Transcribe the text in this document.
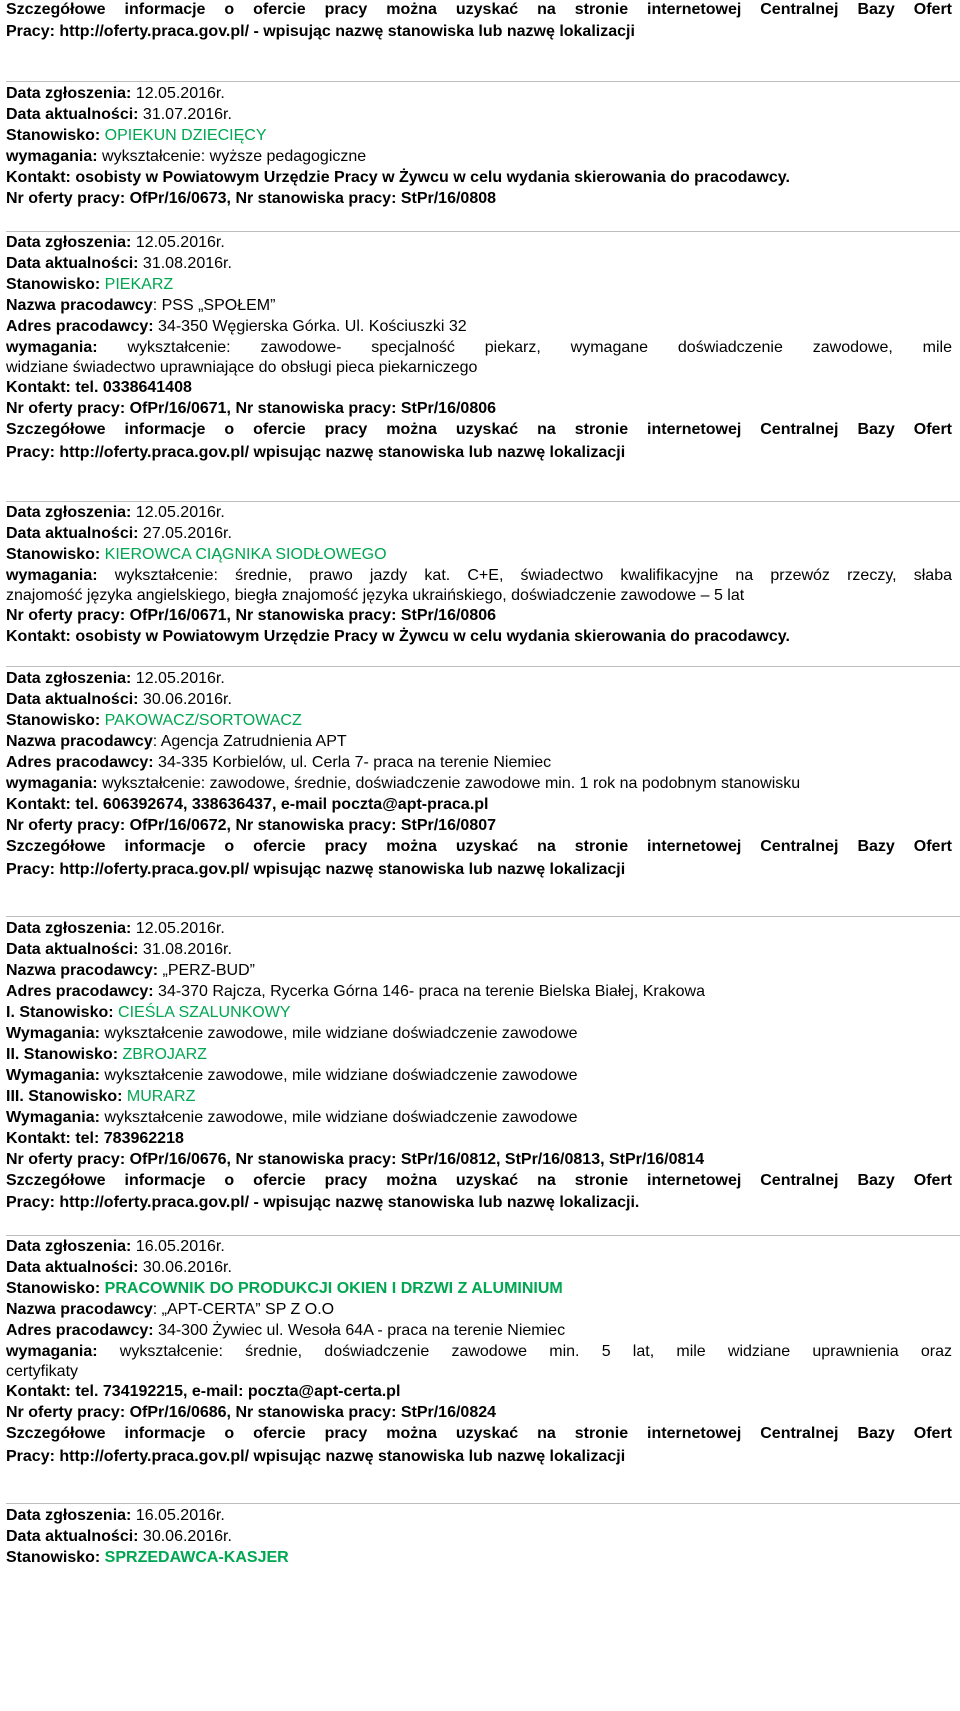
Szczegółowe informacje o ofercie pracy można uzyskać na stronie internetowej Centralnej Bazy Ofert
Pracy: http://oferty.praca.gov.pl/ - wpisując nazwę stanowiska lub nazwę lokalizacji
Data zgłoszenia: 12.05.2016r.
Data aktualności: 31.07.2016r.
Stanowisko: OPIEKUN DZIECIĘCY
wymagania: wykształcenie: wyższe pedagogiczne
Kontakt: osobisty w Powiatowym Urzędzie Pracy w Żywcu w celu wydania skierowania do pracodawcy.
Nr oferty pracy: OfPr/16/0673, Nr stanowiska pracy: StPr/16/0808
Data zgłoszenia: 12.05.2016r.
Data aktualności: 31.08.2016r.
Stanowisko: PIEKARZ
Nazwa pracodawcy: PSS „SPOŁEM”
Adres pracodawcy: 34-350 Węgierska Górka. Ul. Kościuszki 32
wymagania: wykształcenie: zawodowe- specjalność piekarz, wymagane doświadczenie zawodowe, mile
widziane świadectwo uprawniające do obsługi pieca piekarniczego
Kontakt: tel. 0338641408
Nr oferty pracy: OfPr/16/0671, Nr stanowiska pracy: StPr/16/0806
Szczegółowe informacje o ofercie pracy można uzyskać na stronie internetowej Centralnej Bazy Ofert
Pracy: http://oferty.praca.gov.pl/ wpisując nazwę stanowiska lub nazwę lokalizacji
Data zgłoszenia: 12.05.2016r.
Data aktualności: 27.05.2016r.
Stanowisko: KIEROWCA CIĄGNIKA SIODŁOWEGO
wymagania: wykształcenie: średnie, prawo jazdy kat. C+E, świadectwo kwalifikacyjne na przewóz rzeczy, słaba
znajomość języka angielskiego, biegła znajomość języka ukraińskiego, doświadczenie zawodowe – 5 lat
Nr oferty pracy: OfPr/16/0671, Nr stanowiska pracy: StPr/16/0806
Kontakt: osobisty w Powiatowym Urzędzie Pracy w Żywcu w celu wydania skierowania do pracodawcy.
Data zgłoszenia: 12.05.2016r.
Data aktualności: 30.06.2016r.
Stanowisko: PAKOWACZ/SORTOWACZ
Nazwa pracodawcy: Agencja Zatrudnienia APT
Adres pracodawcy: 34-335 Korbielów, ul. Cerla 7- praca na terenie Niemiec
wymagania: wykształcenie: zawodowe, średnie, doświadczenie zawodowe min. 1 rok na podobnym stanowisku
Kontakt: tel. 606392674, 338636437, e-mail poczta@apt-praca.pl
Nr oferty pracy: OfPr/16/0672, Nr stanowiska pracy: StPr/16/0807
Szczegółowe informacje o ofercie pracy można uzyskać na stronie internetowej Centralnej Bazy Ofert
Pracy: http://oferty.praca.gov.pl/ wpisując nazwę stanowiska lub nazwę lokalizacji
Data zgłoszenia: 12.05.2016r.
Data aktualności: 31.08.2016r.
Nazwa pracodawcy: „PERZ-BUD”
Adres pracodawcy: 34-370 Rajcza, Rycerka Górna 146- praca na terenie Bielska Białej, Krakowa
I. Stanowisko: CIEŚLA SZALUNKOWY
Wymagania: wykształcenie zawodowe, mile widziane doświadczenie zawodowe
II. Stanowisko: ZBROJARZ
Wymagania: wykształcenie zawodowe, mile widziane doświadczenie zawodowe
III. Stanowisko: MURARZ
Wymagania: wykształcenie zawodowe, mile widziane doświadczenie zawodowe
Kontakt: tel: 783962218
Nr oferty pracy: OfPr/16/0676, Nr stanowiska pracy: StPr/16/0812, StPr/16/0813, StPr/16/0814
Szczegółowe informacje o ofercie pracy można uzyskać na stronie internetowej Centralnej Bazy Ofert
Pracy: http://oferty.praca.gov.pl/ - wpisując nazwę stanowiska lub nazwę lokalizacji.
Data zgłoszenia: 16.05.2016r.
Data aktualności: 30.06.2016r.
Stanowisko: PRACOWNIK DO PRODUKCJI OKIEN I DRZWI Z ALUMINIUM
Nazwa pracodawcy: „APT-CERTA” SP Z O.O
Adres pracodawcy: 34-300 Żywiec ul. Wesoła 64A - praca na terenie Niemiec
wymagania: wykształcenie: średnie, doświadczenie zawodowe min. 5 lat, mile widziane uprawnienia oraz
certyfikaty
Kontakt: tel. 734192215, e-mail: poczta@apt-certa.pl
Nr oferty pracy: OfPr/16/0686, Nr stanowiska pracy: StPr/16/0824
Szczegółowe informacje o ofercie pracy można uzyskać na stronie internetowej Centralnej Bazy Ofert
Pracy: http://oferty.praca.gov.pl/ wpisując nazwę stanowiska lub nazwę lokalizacji
Data zgłoszenia: 16.05.2016r.
Data aktualności: 30.06.2016r.
Stanowisko: SPRZEDAWCA-KASJER
